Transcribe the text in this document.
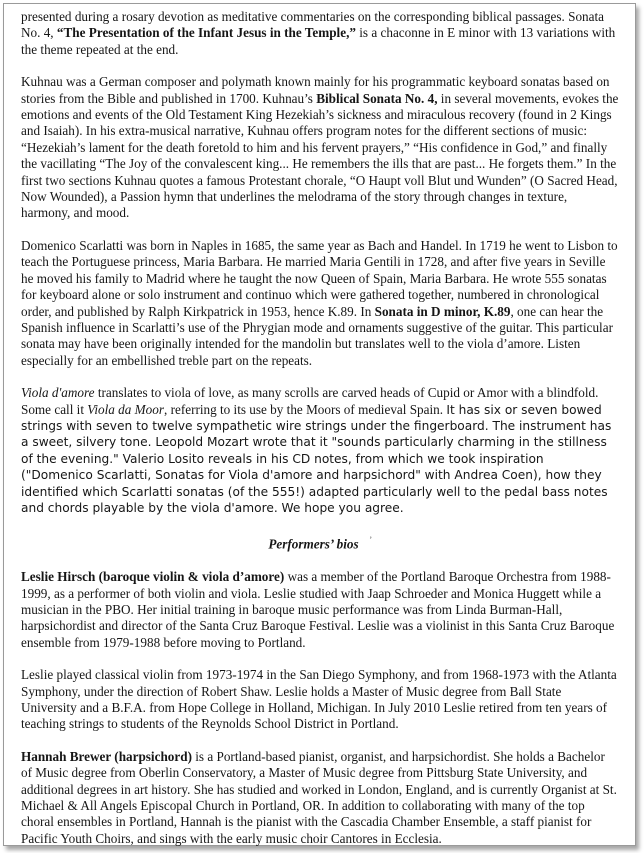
presented during a rosary devotion as meditative commentaries on the corresponding biblical passages. Sonata No. 4, “The Presentation of the Infant Jesus in the Temple,” is a chaconne in E minor with 13 variations with the theme repeated at the end.

Kuhnau was a German composer and polymath known mainly for his programmatic keyboard sonatas based on stories from the Bible and published in 1700. Kuhnau’s Biblical Sonata No. 4, in several movements, evokes the emotions and events of the Old Testament King Hezekiah’s sickness and miraculous recovery (found in 2 Kings and Isaiah). In his extra-musical narrative, Kuhnau offers program notes for the different sections of music: “Hezekiah’s lament for the death foretold to him and his fervent prayers,” “His confidence in God,” and finally the vacillating “The Joy of the convalescent king... He remembers the ills that are past... He forgets them.” In the first two sections Kuhnau quotes a famous Protestant chorale, “O Haupt voll Blut und Wunden” (O Sacred Head, Now Wounded), a Passion hymn that underlines the melodrama of the story through changes in texture, harmony, and mood.

Domenico Scarlatti was born in Naples in 1685, the same year as Bach and Handel. In 1719 he went to Lisbon to teach the Portuguese princess, Maria Barbara. He married Maria Gentili in 1728, and after five years in Seville he moved his family to Madrid where he taught the now Queen of Spain, Maria Barbara. He wrote 555 sonatas for keyboard alone or solo instrument and continuo which were gathered together, numbered in chronological order, and published by Ralph Kirkpatrick in 1953, hence K.89. In Sonata in D minor, K.89, one can hear the Spanish influence in Scarlatti’s use of the Phrygian mode and ornaments suggestive of the guitar. This particular sonata may have been originally intended for the mandolin but translates well to the viola d’amore. Listen especially for an embellished treble part on the repeats.

Viola d'amore translates to viola of love, as many scrolls are carved heads of Cupid or Amor with a blindfold. Some call it Viola da Moor, referring to its use by the Moors of medieval Spain. It has six or seven bowed strings with seven to twelve sympathetic wire strings under the fingerboard. The instrument has a sweet, silvery tone. Leopold Mozart wrote that it "sounds particularly charming in the stillness of the evening." Valerio Losito reveals in his CD notes, from which we took inspiration ("Domenico Scarlatti, Sonatas for Viola d'amore and harpsichord" with Andrea Coen), how they identified which Scarlatti sonatas (of the 555!) adapted particularly well to the pedal bass notes and chords playable by the viola d'amore. We hope you agree.

Performers’ bios ’

Leslie Hirsch (baroque violin & viola d’amore) was a member of the Portland Baroque Orchestra from 1988-1999, as a performer of both violin and viola. Leslie studied with Jaap Schroeder and Monica Huggett while a musician in the PBO. Her initial training in baroque music performance was from Linda Burman-Hall, harpsichordist and director of the Santa Cruz Baroque Festival. Leslie was a violinist in this Santa Cruz Baroque ensemble from 1979-1988 before moving to Portland.

Leslie played classical violin from 1973-1974 in the San Diego Symphony, and from 1968-1973 with the Atlanta Symphony, under the direction of Robert Shaw. Leslie holds a Master of Music degree from Ball State University and a B.F.A. from Hope College in Holland, Michigan. In July 2010 Leslie retired from ten years of teaching strings to students of the Reynolds School District in Portland.

Hannah Brewer (harpsichord) is a Portland-based pianist, organist, and harpsichordist. She holds a Bachelor of Music degree from Oberlin Conservatory, a Master of Music degree from Pittsburg State University, and additional degrees in art history. She has studied and worked in London, England, and is currently Organist at St. Michael & All Angels Episcopal Church in Portland, OR. In addition to collaborating with many of the top choral ensembles in Portland, Hannah is the pianist with the Cascadia Chamber Ensemble, a staff pianist for Pacific Youth Choirs, and sings with the early music choir Cantores in Ecclesia.
